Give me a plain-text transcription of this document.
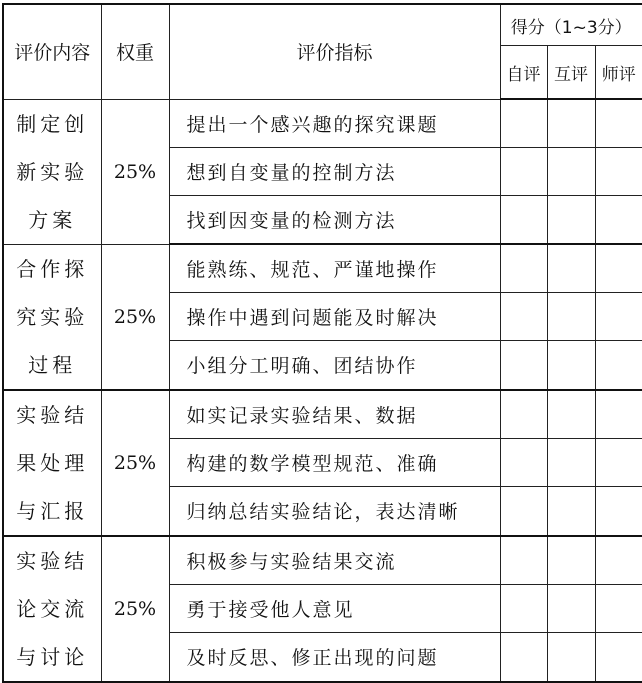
评价内容	权重	评价指标	得分（1~3分）		
			自评	互评	师评

制定创
新实验
方案	25%	提出一个感兴趣的探究课题			
		想到自变量的控制方法			
		找到因变量的检测方法			

合作探
究实验
过程	25%	能熟练、规范、严谨地操作			
		操作中遇到问题能及时解决			
		小组分工明确、团结协作			

实验结
果处理
与汇报	25%	如实记录实验结果、数据			
		构建的数学模型规范、准确			
		归纳总结实验结论，表达清晰			

实验结
论交流
与讨论	25%	积极参与实验结果交流			
		勇于接受他人意见			
		及时反思、修正出现的问题			
